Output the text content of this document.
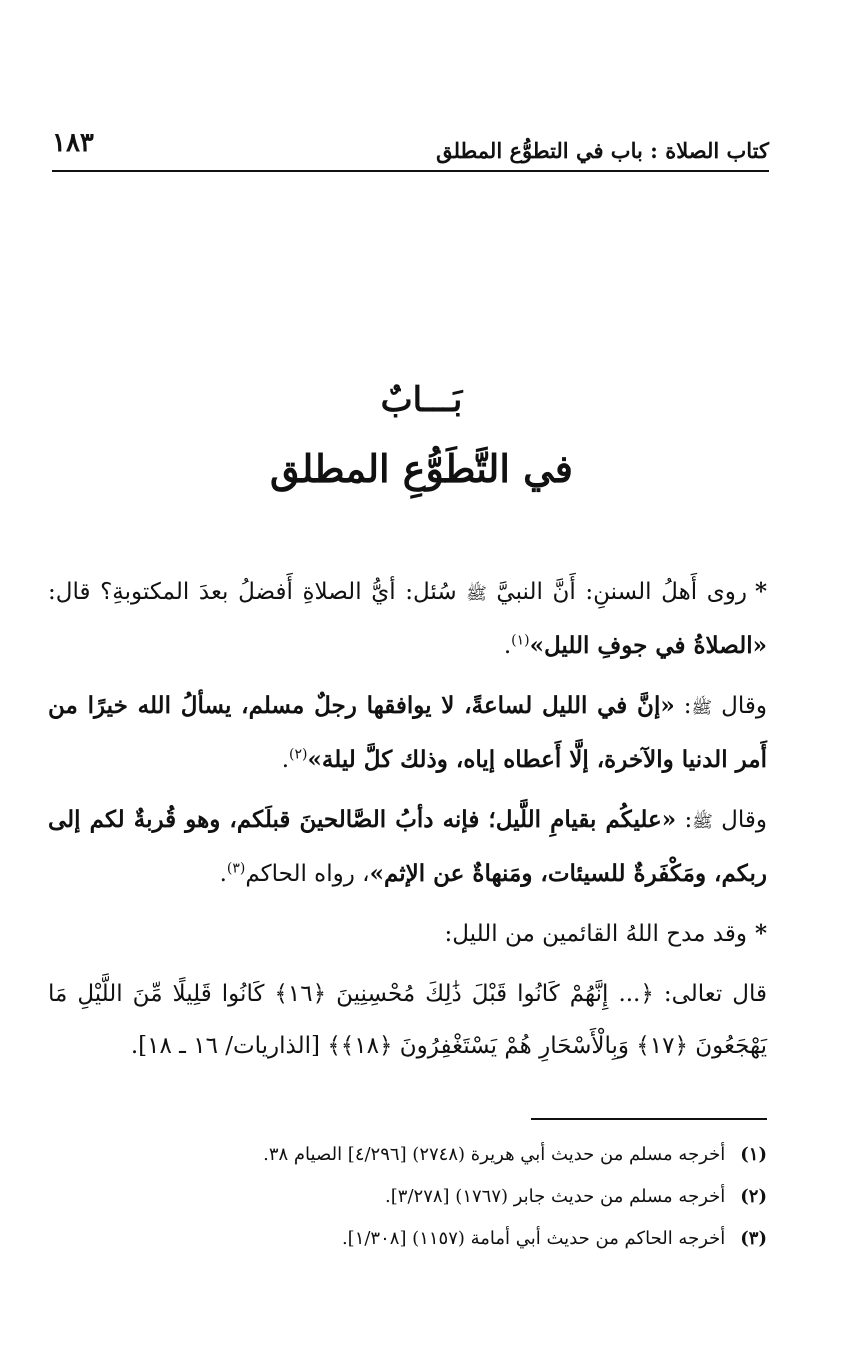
١٨٣	كتاب الصلاة : باب في التطوُّع المطلق
بَـــابٌ
في التَّطَوُّعِ المطلق

*روى أَهلُ السننِ: أَنَّ النبيَّ ﷺ سُئل: أيُّ الصلاةِ أَفضلُ بعدَ المكتوبةِ؟ قال: «الصلاةُ في جوفِ الليل»$^{(١)}$.

وقال ﷺ: «إنَّ في الليل لساعةً، لا يوافقها رجلٌ مسلم، يسألُ الله خيرًا من أَمر الدنيا والآخرة، إلَّا أَعطاه إياه، وذلك كلَّ ليلة»$^{(٢)}$.

وقال ﷺ: «عليكُم بقيامِ اللَّيل؛ فإنه دأبُ الصَّالحينَ قبلَكم، وهو قُربةٌ لكم إلى ربكم، ومَكْفَرةٌ للسيئات، ومَنهاةٌ عن الإثم»، رواه الحاكم$^{(٣)}$.

*وقد مدح اللهُ القائمين من الليل:

قال تعالى: ﴿... إِنَّهُمْ كَانُوا قَبْلَ ذَٰلِكَ مُحْسِنِينَ ﴿١٦﴾ كَانُوا قَلِيلًا مِّنَ اللَّيْلِ مَا يَهْجَعُونَ ﴿١٧﴾ وَبِالْأَسْحَارِ هُمْ يَسْتَغْفِرُونَ ﴿١٨﴾﴾ [الذاريات/ ١٦ ـ ١٨].

(١) أخرجه مسلم من حديث أبي هريرة (٢٧٤٨) [٤/٢٩٦] الصيام ٣٨.

(٢) أخرجه مسلم من حديث جابر (١٧٦٧) [٣/٢٧٨].

(٣) أخرجه الحاكم من حديث أبي أمامة (١١٥٧) [١/٣٠٨].
